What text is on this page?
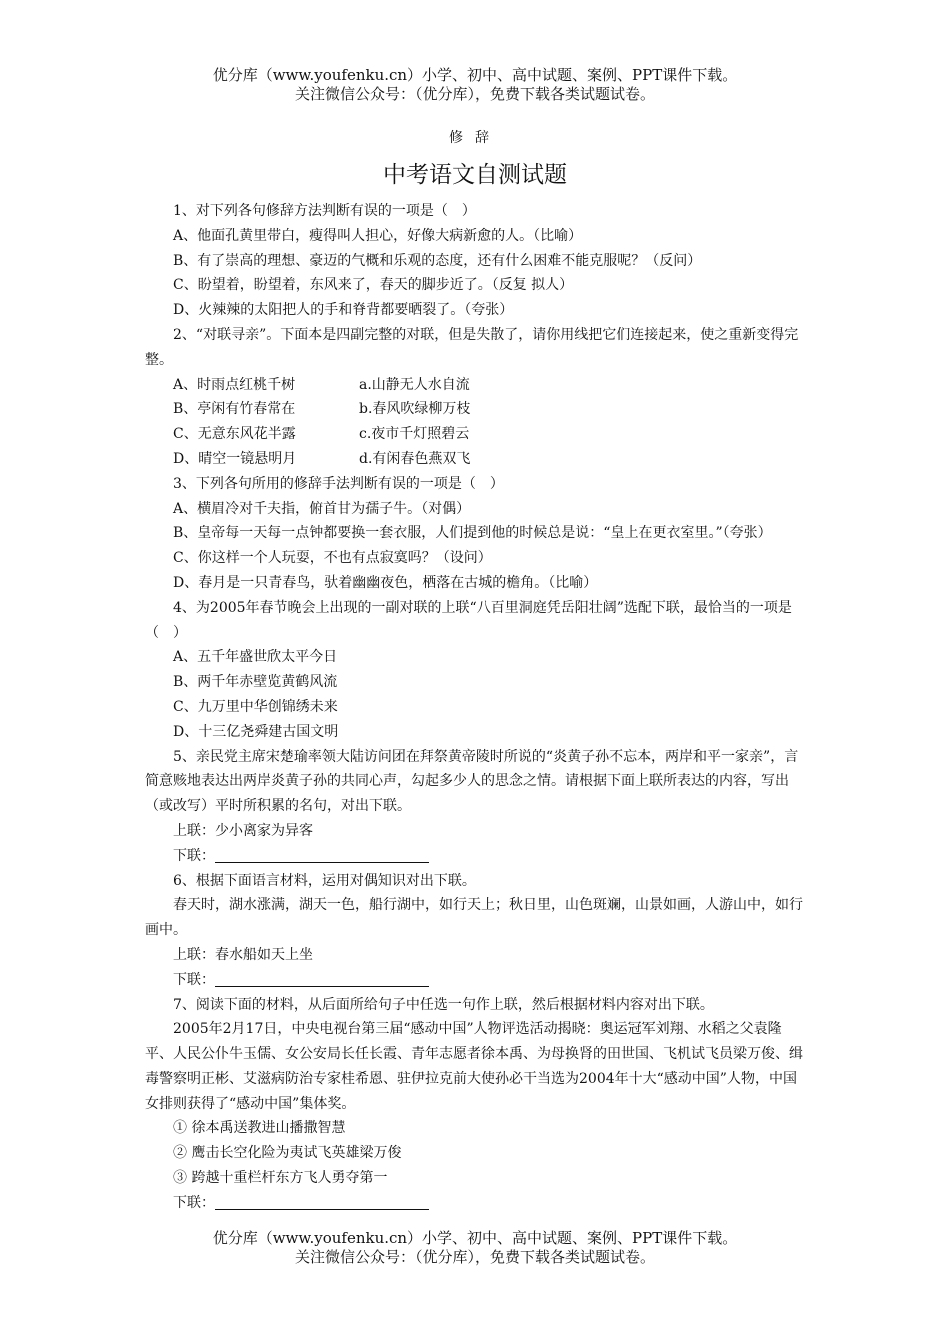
优分库（www.youfenku.cn）小学、初中、高中试题、案例、PPT课件下载。
关注微信公众号：（优分库），免费下载各类试题试卷。
修辞
中考语文自测试题

1、对下列各句修辞方法判断有误的一项是（　）

A、他面孔黄里带白，瘦得叫人担心，好像大病新愈的人。（比喻）

B、有了崇高的理想、豪迈的气概和乐观的态度，还有什么困难不能克服呢？（反问）

C、盼望着，盼望着，东风来了，春天的脚步近了。（反复 拟人）

D、火辣辣的太阳把人的手和脊背都要晒裂了。（夸张）

2、“对联寻亲”。下面本是四副完整的对联，但是失散了，请你用线把它们连接起来，使之重新变得完整。

A、时雨点红桃千树	a.山静无人水自流
B、亭闲有竹春常在	b.春风吹绿柳万枝
C、无意东风花半露	c.夜市千灯照碧云
D、晴空一镜悬明月	d.有闲春色燕双飞

3、下列各句所用的修辞手法判断有误的一项是（　）

A、横眉冷对千夫指，俯首甘为孺子牛。（对偶）

B、皇帝每一天每一点钟都要换一套衣服，人们提到他的时候总是说：“皇上在更衣室里。”（夸张）

C、你这样一个人玩耍，不也有点寂寞吗？（设问）

D、春月是一只青春鸟，驮着幽幽夜色，栖落在古城的檐角。（比喻）

4、为2005年春节晚会上出现的一副对联的上联“八百里洞庭凭岳阳壮阔”选配下联，最恰当的一项是（　）

A、五千年盛世欣太平今日

B、两千年赤壁览黄鹤风流

C、九万里中华创锦绣未来

D、十三亿尧舜建古国文明

5、亲民党主席宋楚瑜率领大陆访问团在拜祭黄帝陵时所说的“炎黄子孙不忘本，两岸和平一家亲”，言简意赅地表达出两岸炎黄子孙的共同心声，勾起多少人的思念之情。请根据下面上联所表达的内容，写出（或改写）平时所积累的名句，对出下联。

上联：少小离家为异客

下联：

6、根据下面语言材料，运用对偶知识对出下联。

春天时，湖水涨满，湖天一色，船行湖中，如行天上；秋日里，山色斑斓，山景如画，人游山中，如行画中。

上联：春水船如天上坐

下联：

7、阅读下面的材料，从后面所给句子中任选一句作上联，然后根据材料内容对出下联。

2005年2月17日，中央电视台第三届“感动中国”人物评选活动揭晓：奥运冠军刘翔、水稻之父袁隆平、人民公仆牛玉儒、女公安局长任长霞、青年志愿者徐本禹、为母换肾的田世国、飞机试飞员梁万俊、缉毒警察明正彬、艾滋病防治专家桂希恩、驻伊拉克前大使孙必干当选为2004年十大“感动中国”人物，中国女排则获得了“感动中国”集体奖。

① 徐本禹送教进山播撒智慧

② 鹰击长空化险为夷试飞英雄梁万俊

③ 跨越十重栏杆东方飞人勇夺第一

下联：

优分库（www.youfenku.cn）小学、初中、高中试题、案例、PPT课件下载。
关注微信公众号：（优分库），免费下载各类试题试卷。
